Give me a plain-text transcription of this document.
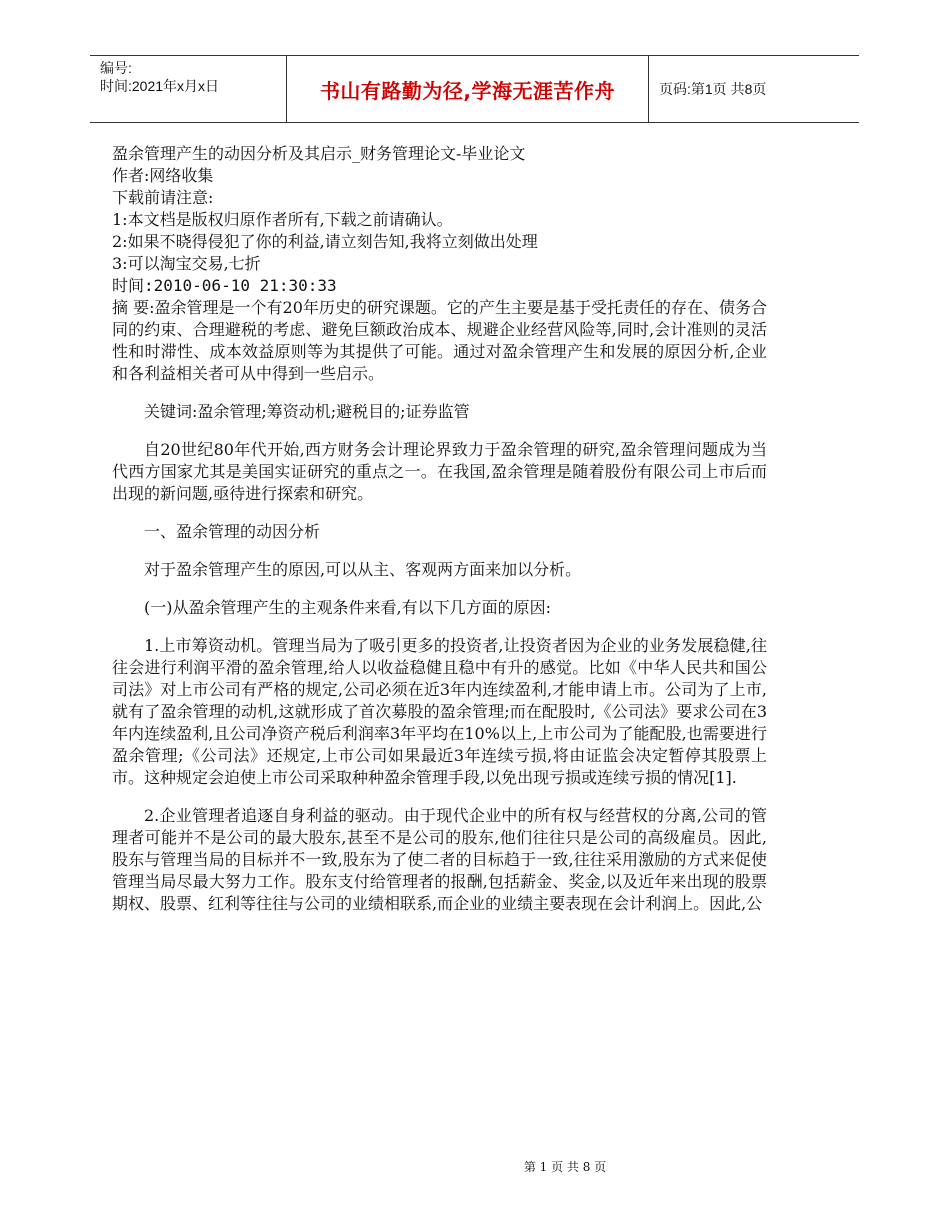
编号:
时间:2021年x月x日	书山有路勤为径,学海无涯苦作舟	页码:第1页 共8页
盈余管理产生的动因分析及其启示_财务管理论文-毕业论文
作者:网络收集
下载前请注意:
1:本文档是版权归原作者所有,下载之前请确认。
2:如果不晓得侵犯了你的利益,请立刻告知,我将立刻做出处理
3:可以淘宝交易,七折
时间:2010-06-10 21:30:33
摘 要:盈余管理是一个有20年历史的研究课题。它的产生主要是基于受托责任的存在、债务合同的约束、合理避税的考虑、避免巨额政治成本、规避企业经营风险等,同时,会计准则的灵活性和时滞性、成本效益原则等为其提供了可能。通过对盈余管理产生和发展的原因分析,企业和各利益相关者可从中得到一些启示。
关键词:盈余管理;筹资动机;避税目的;证券监管
自20世纪80年代开始,西方财务会计理论界致力于盈余管理的研究,盈余管理问题成为当代西方国家尤其是美国实证研究的重点之一。在我国,盈余管理是随着股份有限公司上市后而出现的新问题,亟待进行探索和研究。
一、盈余管理的动因分析
对于盈余管理产生的原因,可以从主、客观两方面来加以分析。
(一)从盈余管理产生的主观条件来看,有以下几方面的原因:
1.上市筹资动机。管理当局为了吸引更多的投资者,让投资者因为企业的业务发展稳健,往往会进行利润平滑的盈余管理,给人以收益稳健且稳中有升的感觉。比如《中华人民共和国公司法》对上市公司有严格的规定,公司必须在近3年内连续盈利,才能申请上市。公司为了上市,就有了盈余管理的动机,这就形成了首次募股的盈余管理;而在配股时,《公司法》要求公司在3年内连续盈利,且公司净资产税后利润率3年平均在10%以上,上市公司为了能配股,也需要进行盈余管理;《公司法》还规定,上市公司如果最近3年连续亏损,将由证监会决定暂停其股票上市。这种规定会迫使上市公司采取种种盈余管理手段,以免出现亏损或连续亏损的情况[1].
2.企业管理者追逐自身利益的驱动。由于现代企业中的所有权与经营权的分离,公司的管理者可能并不是公司的最大股东,甚至不是公司的股东,他们往往只是公司的高级雇员。因此,股东与管理当局的目标并不一致,股东为了使二者的目标趋于一致,往往采用激励的方式来促使管理当局尽最大努力工作。股东支付给管理者的报酬,包括薪金、奖金,以及近年来出现的股票期权、股票、红利等往往与公司的业绩相联系,而企业的业绩主要表现在会计利润上。因此,公
第 1 页 共 8 页
